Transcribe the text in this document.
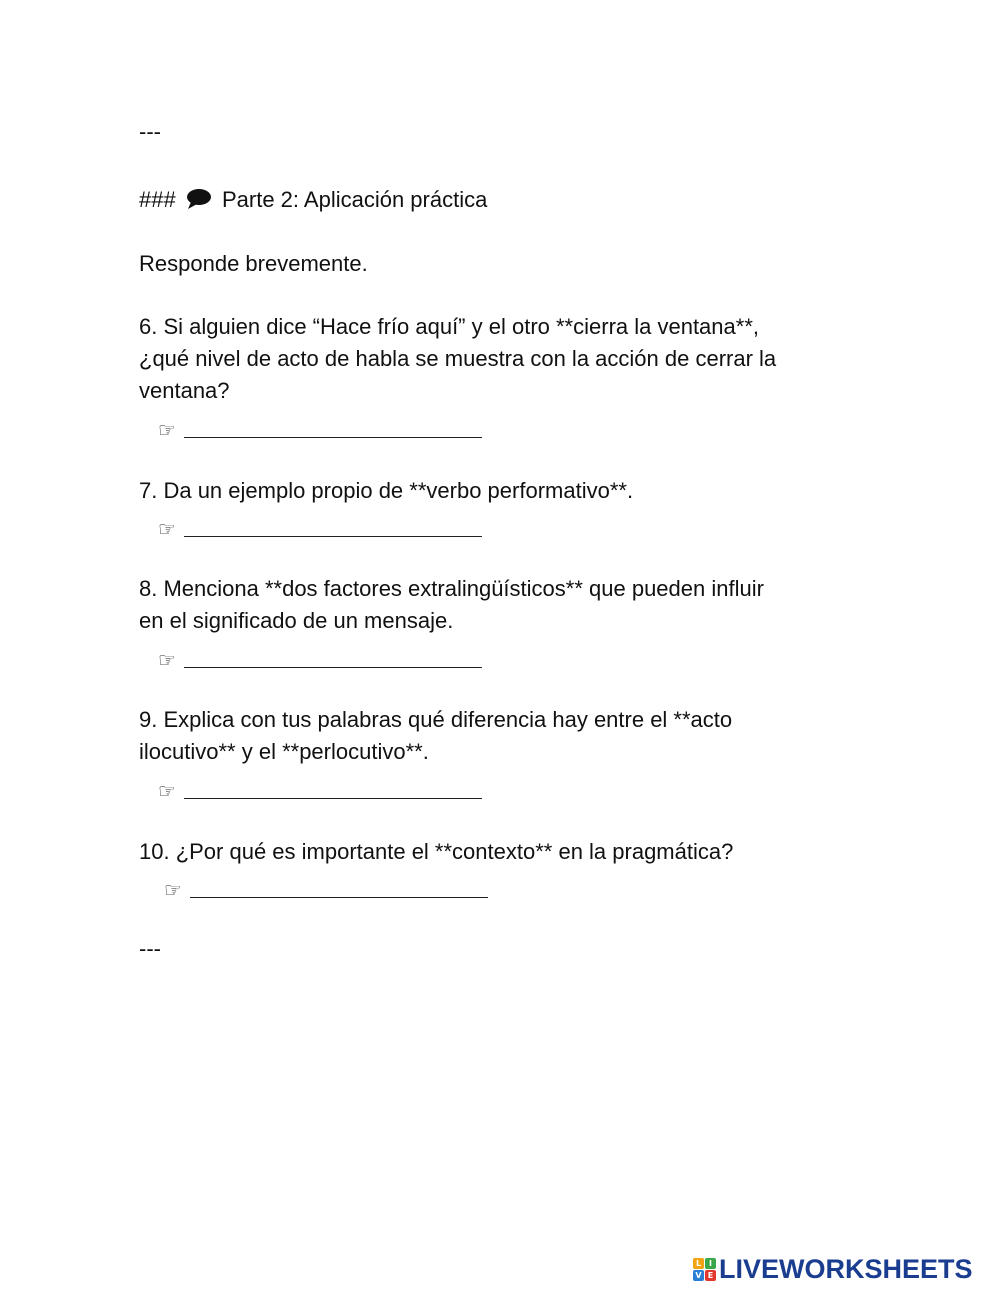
---
### Parte 2: Aplicación práctica
Responde brevemente.
6. Si alguien dice “Hace frío aquí” y el otro **cierra la ventana**,
¿qué nivel de acto de habla se muestra con la acción de cerrar la
ventana?
☞
7. Da un ejemplo propio de **verbo performativo**.
☞
8. Menciona **dos factores extralingüísticos** que pueden influir
en el significado de un mensaje.
☞
9. Explica con tus palabras qué diferencia hay entre el **acto
ilocutivo** y el **perlocutivo**.
☞
10. ¿Por qué es importante el **contexto** en la pragmática?
☞
---
L I
V E LIVEWORKSHEETS
